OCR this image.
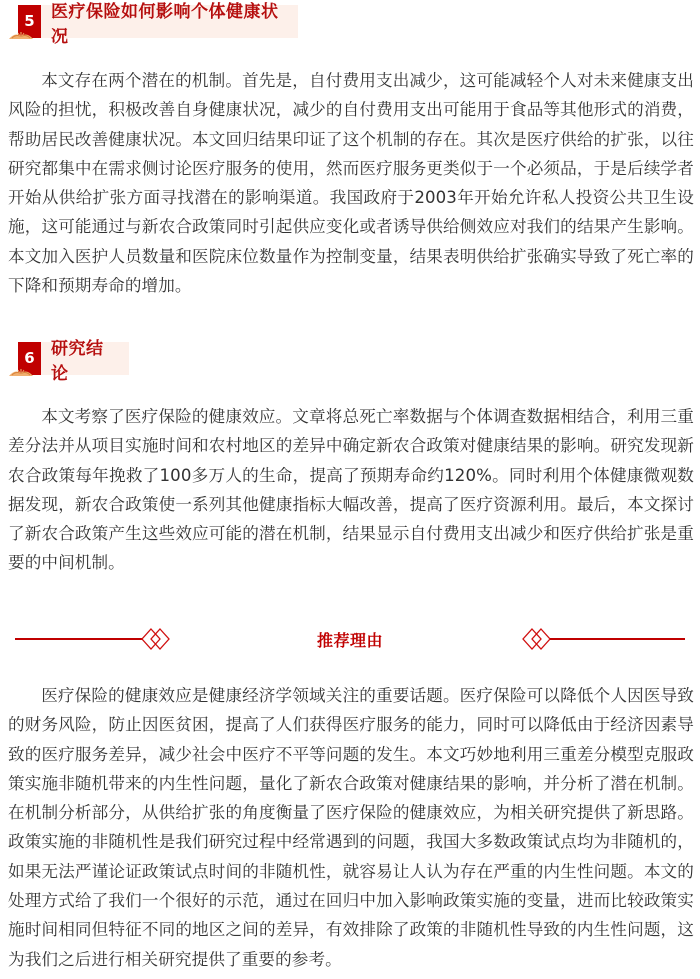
5 医疗保险如何影响个体健康状况

本文存在两个潜在的机制。首先是，自付费用支出减少，这可能减轻个人对未来健康支出风险的担忧，积极改善自身健康状况，减少的自付费用支出可能用于食品等其他形式的消费，帮助居民改善健康状况。本文回归结果印证了这个机制的存在。其次是医疗供给的扩张，以往研究都集中在需求侧讨论医疗服务的使用，然而医疗服务更类似于一个必须品，于是后续学者开始从供给扩张方面寻找潜在的影响渠道。我国政府于2003年开始允许私人投资公共卫生设施，这可能通过与新农合政策同时引起供应变化或者诱导供给侧效应对我们的结果产生影响。本文加入医护人员数量和医院床位数量作为控制变量，结果表明供给扩张确实导致了死亡率的下降和预期寿命的增加。

6 研究结论

本文考察了医疗保险的健康效应。文章将总死亡率数据与个体调查数据相结合，利用三重差分法并从项目实施时间和农村地区的差异中确定新农合政策对健康结果的影响。研究发现新农合政策每年挽救了100多万人的生命，提高了预期寿命约120%。同时利用个体健康微观数据发现，新农合政策使一系列其他健康指标大幅改善，提高了医疗资源利用。最后，本文探讨了新农合政策产生这些效应可能的潜在机制，结果显示自付费用支出减少和医疗供给扩张是重要的中间机制。

推荐理由

医疗保险的健康效应是健康经济学领域关注的重要话题。医疗保险可以降低个人因医导致的财务风险，防止因医贫困，提高了人们获得医疗服务的能力，同时可以降低由于经济因素导致的医疗服务差异，减少社会中医疗不平等问题的发生。本文巧妙地利用三重差分模型克服政策实施非随机带来的内生性问题，量化了新农合政策对健康结果的影响，并分析了潜在机制。在机制分析部分，从供给扩张的角度衡量了医疗保险的健康效应，为相关研究提供了新思路。政策实施的非随机性是我们研究过程中经常遇到的问题，我国大多数政策试点均为非随机的，如果无法严谨论证政策试点时间的非随机性，就容易让人认为存在严重的内生性问题。本文的处理方式给了我们一个很好的示范，通过在回归中加入影响政策实施的变量，进而比较政策实施时间相同但特征不同的地区之间的差异，有效排除了政策的非随机性导致的内生性问题，这为我们之后进行相关研究提供了重要的参考。
